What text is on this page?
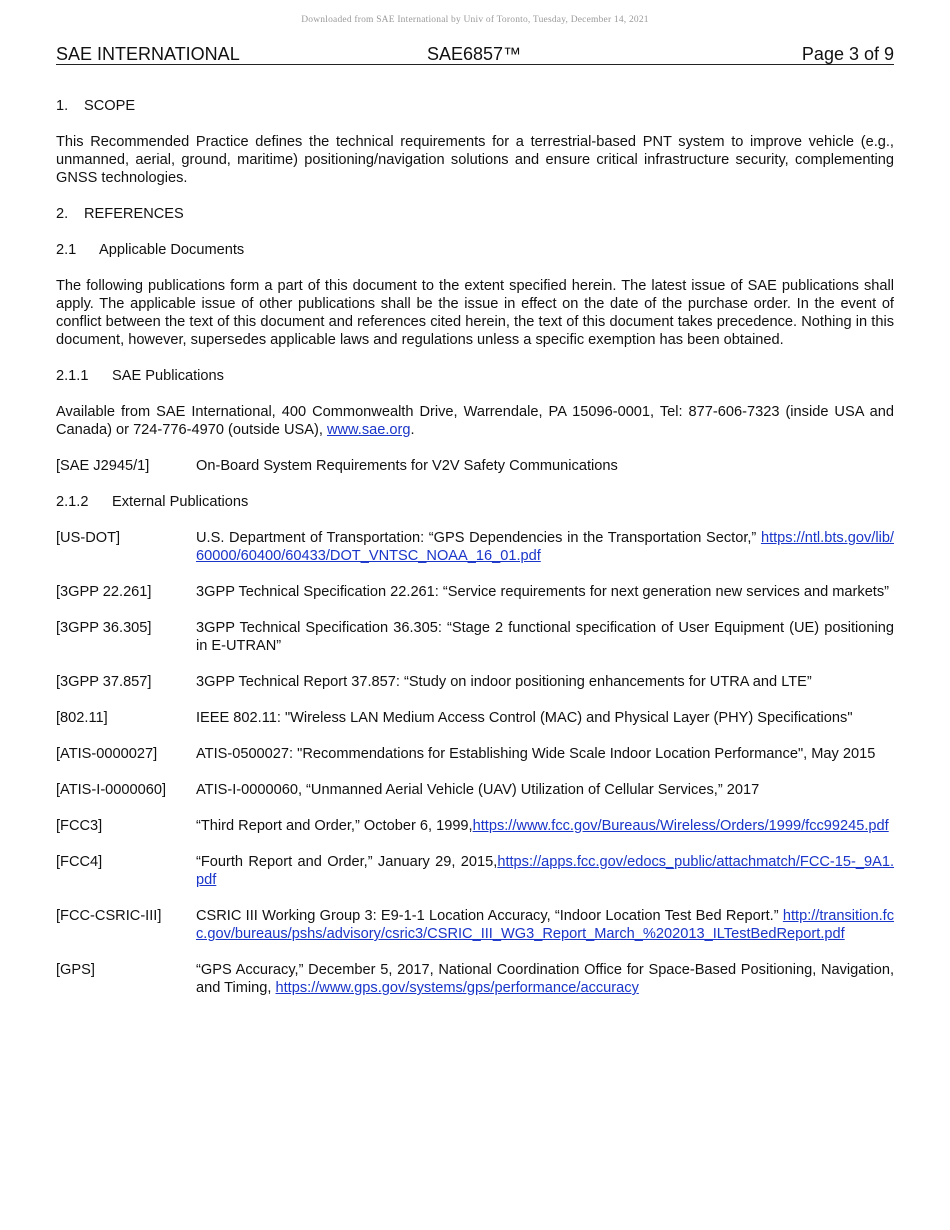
Downloaded from SAE International by Univ of Toronto, Tuesday, December 14, 2021
SAE INTERNATIONAL	SAE6857™	Page 3 of 9

1. SCOPE

This Recommended Practice defines the technical requirements for a terrestrial-based PNT system to improve vehicle (e.g., unmanned, aerial, ground, maritime) positioning/navigation solutions and ensure critical infrastructure security, complementing GNSS technologies.

2. REFERENCES

2.1 Applicable Documents

The following publications form a part of this document to the extent specified herein. The latest issue of SAE publications shall apply. The applicable issue of other publications shall be the issue in effect on the date of the purchase order. In the event of conflict between the text of this document and references cited herein, the text of this document takes precedence. Nothing in this document, however, supersedes applicable laws and regulations unless a specific exemption has been obtained.

2.1.1 SAE Publications

Available from SAE International, 400 Commonwealth Drive, Warrendale, PA 15096-0001, Tel: 877-606-7323 (inside USA and Canada) or 724-776-4970 (outside USA), www.sae.org.

[SAE J2945/1]	On-Board System Requirements for V2V Safety Communications

2.1.2 External Publications

[US-DOT]	U.S. Department of Transportation: “GPS Dependencies in the Transportation Sector,” https://ntl.bts.gov/lib/60000/60400/60433/DOT_VNTSC_NOAA_16_01.pdf
[3GPP 22.261]	3GPP Technical Specification 22.261: “Service requirements for next generation new services and markets”
[3GPP 36.305]	3GPP Technical Specification 36.305: “Stage 2 functional specification of User Equipment (UE) positioning in E-UTRAN”
[3GPP 37.857]	3GPP Technical Report 37.857: “Study on indoor positioning enhancements for UTRA and LTE”
[802.11]	IEEE 802.11: "Wireless LAN Medium Access Control (MAC) and Physical Layer (PHY) Specifications"
[ATIS-0000027]	ATIS-0500027: "Recommendations for Establishing Wide Scale Indoor Location Performance", May 2015
[ATIS-I-0000060]	ATIS-I-0000060, “Unmanned Aerial Vehicle (UAV) Utilization of Cellular Services,” 2017
[FCC3]	“Third Report and Order,” October 6, 1999,https://www.fcc.gov/Bureaus/Wireless/Orders/1999/fcc99245.pdf
[FCC4]	“Fourth Report and Order,” January 29, 2015,https://apps.fcc.gov/edocs_public/attachmatch/FCC-15-_9A1.pdf
[FCC-CSRIC-III]	CSRIC III Working Group 3: E9-1-1 Location Accuracy, “Indoor Location Test Bed Report.” http://transition.fcc.gov/bureaus/pshs/advisory/csric3/CSRIC_III_WG3_Report_March_%202013_ILTestBedReport.pdf
[GPS]	“GPS Accuracy,” December 5, 2017, National Coordination Office for Space-Based Positioning, Navigation, and Timing, https://www.gps.gov/systems/gps/performance/accuracy
